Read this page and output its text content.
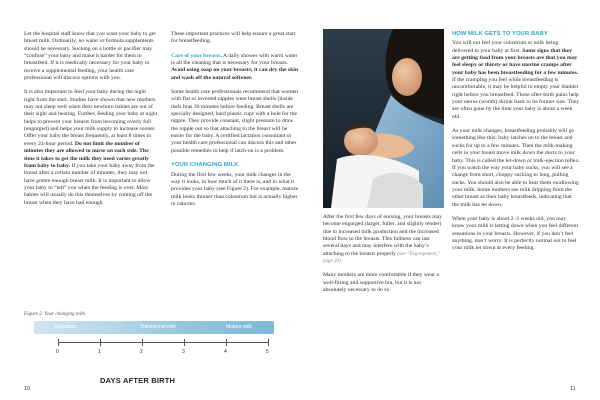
Let the hospital staff know that you want your baby to get breast milk. Ordinarily, no water or formula supplements should be necessary. Sucking on a bottle or pacifier may “confuse” your baby and make it harder for them to breastfeed. If it is medically necessary for your baby to receive a supplemental feeding, your health care professional will discuss options with you.

It is also important to feed your baby during the night right from the start. Studies have shown that new mothers may not sleep well when their newborn babies are out of their sight and hearing. Further, feeding your baby at night helps to prevent your breasts from becoming overly full (engorged) and helps your milk supply to increase sooner. Offer your baby the breast frequently, at least 8 times in every 24-hour period. Do not limit the number of minutes they are allowed to nurse on each side. The time it takes to get the milk they need varies greatly from baby to baby. If you take your baby away from the breast after a certain number of minutes, they may not have gotten enough breast milk. It is important to allow your baby to “tell” you when the feeding is over. Most babies will usually do this themselves by coming off the breast when they have had enough.

These important practices will help ensure a great start for breastfeeding.

Care of your breasts. A daily shower with warm water is all the cleaning that is necessary for your breasts. Avoid using soap on your breasts; it can dry the skin and wash off the natural softener.

Some health care professionals recommend that women with flat or inverted nipples wear breast shells (inside their bras 30 minutes before feeding. Breast shells are specially designed, hard plastic cups with a hole for the nipple. They provide constant, slight pressure to draw the nipple out so that attaching to the breast will be easier for the baby. A certified lactation consultant or your health care professional can discuss this and other possible remedies to help if latch-on is a problem.

YOUR CHANGING MILK

During the first few weeks, your milk changes in the way it looks, in how much of it there is, and in what it provides your baby (see Figure 2). For example, mature milk looks thinner than colostrum but is actually higher in calories.

Figure 2. Your changing milk.
Colostrum	Transitional milk	Mature milk
0	1	2	3	4	5
DAYS AFTER BIRTH
10

After the first few days of nursing, your breasts may become engorged (larger, fuller, and slightly tender) due to increased milk production and the increased blood flow to the breasts. This fullness can last several days and may interfere with the baby’s attaching to the breasts properly (see “Engorgement,” page 30).

Many mothers are more comfortable if they wear a well-fitting and supportive bra, but it is not absolutely necessary to do so.

HOW MILK GETS TO YOUR BABY

You will not feel your colostrum or milk being delivered to your baby at first. Some signs that they are getting food from your breasts are that you may feel sleepy or thirsty or have uterine cramps after your baby has been breastfeeding for a few minutes. If the cramping you feel while breastfeeding is uncomfortable, it may be helpful to empty your bladder right before you breastfeed. These after-birth pains help your uterus (womb) shrink back to its former size. They are often gone by the time your baby is about a week old.

As your milk changes, breastfeeding probably will go something like this: baby latches on to the breast and sucks for up to a few minutes. Then the milk-making cells in your breast move milk down the ducts to your baby. This is called the let-down or milk-ejection reflex. If you watch the way your baby sucks, you will see a change from short, choppy sucking to long, pulling sucks. You should also be able to hear them swallowing your milk. Some mothers see milk dripping from the other breast as their baby breastfeeds, indicating that the milk has let down.

When your baby is about 2–3 weeks old, you may know your milk is letting down when you feel different sensations in your breasts. However, if you don’t feel anything, don’t worry. It is perfectly normal not to feel your milk let down at every feeding.

11
